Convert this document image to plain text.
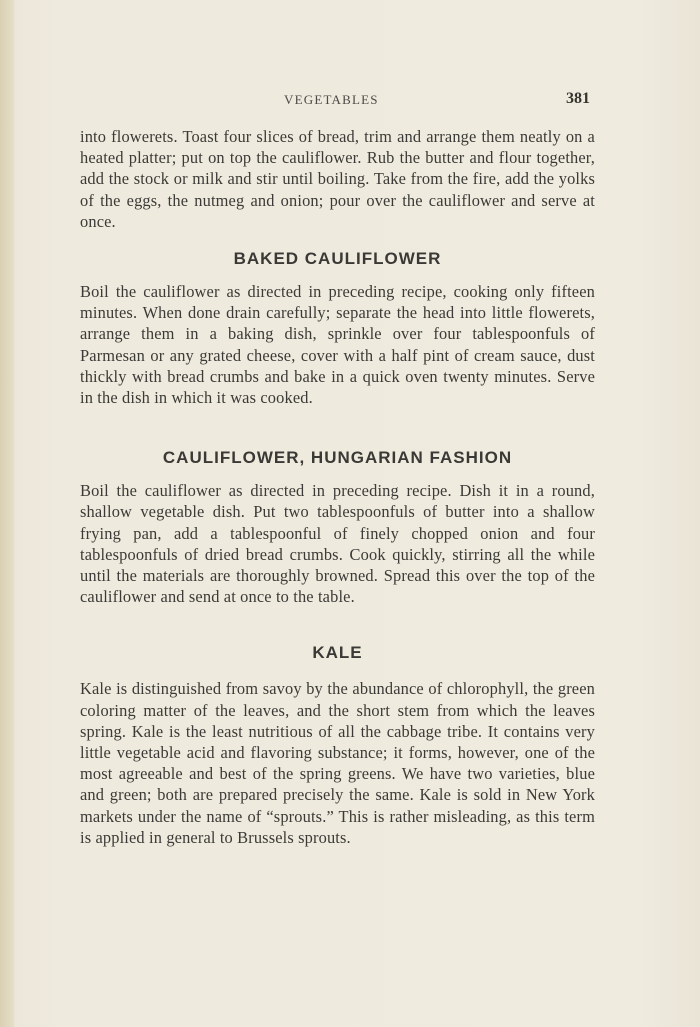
VEGETABLES	381

into flowerets. Toast four slices of bread, trim and arrange them neatly on a heated platter; put on top the cauliflower. Rub the butter and flour together, add the stock or milk and stir until boiling. Take from the fire, add the yolks of the eggs, the nutmeg and onion; pour over the cauliflower and serve at once.

BAKED CAULIFLOWER

Boil the cauliflower as directed in preceding recipe, cooking only fifteen minutes. When done drain carefully; separate the head into little flowerets, arrange them in a baking dish, sprinkle over four tablespoonfuls of Parmesan or any grated cheese, cover with a half pint of cream sauce, dust thickly with bread crumbs and bake in a quick oven twenty minutes. Serve in the dish in which it was cooked.

CAULIFLOWER, HUNGARIAN FASHION

Boil the cauliflower as directed in preceding recipe. Dish it in a round, shallow vegetable dish. Put two tablespoonfuls of butter into a shallow frying pan, add a tablespoonful of finely chopped onion and four tablespoonfuls of dried bread crumbs. Cook quickly, stirring all the while until the materials are thoroughly browned. Spread this over the top of the cauliflower and send at once to the table.

KALE

Kale is distinguished from savoy by the abundance of chlorophyll, the green coloring matter of the leaves, and the short stem from which the leaves spring. Kale is the least nutritious of all the cabbage tribe. It contains very little vegetable acid and flavoring substance; it forms, however, one of the most agreeable and best of the spring greens. We have two varieties, blue and green; both are prepared precisely the same. Kale is sold in New York markets under the name of “sprouts.” This is rather misleading, as this term is applied in general to Brussels sprouts.
